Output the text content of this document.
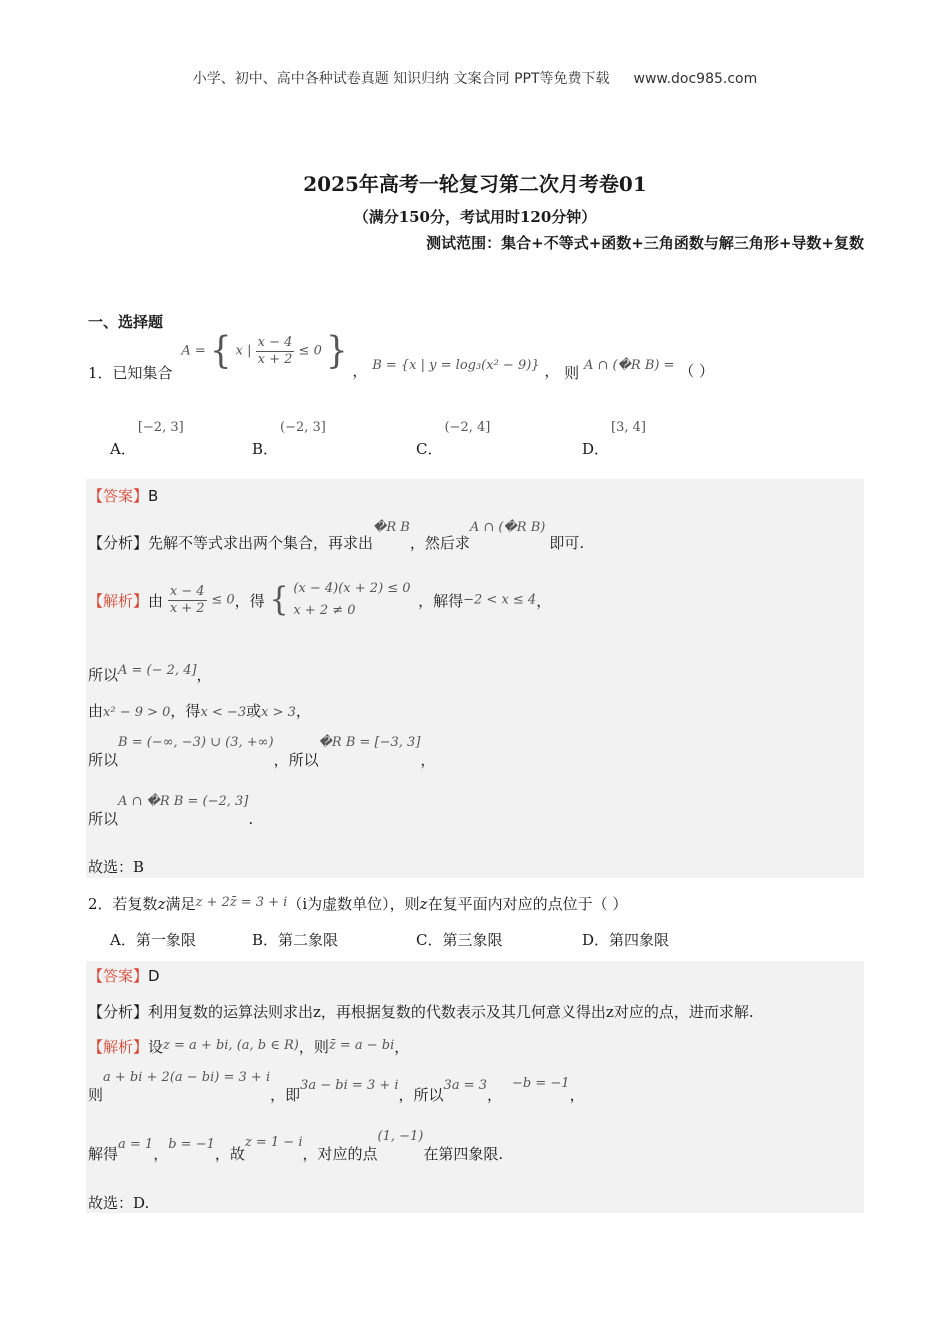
小学、初中、高中各种试卷真题 知识归纳 文案合同 PPT等免费下载 www.doc985.com
2025年高考一轮复习第二次月考卷01
（满分150分，考试用时120分钟）
测试范围：集合+不等式+函数+三角函数与解三角形+导数+复数
一、选择题
1．已知集合 A = { x | $\frac{x - 4}{x + 2} \le 0$ } ， B = {x | y = log₃(x² − 9)} ， 则 A ∩ (�R B) = （ ）
A．[−2, 3]
B．(−2, 3]
C．(−2, 4]
D．[3, 4]
【答案】B
【分析】先解不等式求出两个集合，再求出�R B，然后求A ∩ (�R B)即可.
【解析】由 $\frac{x - 4}{x + 2} \le 0$，得 { (x − 4)(x + 2) ≤ 0
x + 2 ≠ 0
，解得−2 < x ≤ 4，
所以A = (− 2, 4]，
由x² − 9 > 0，得x < −3或x > 3，
所以B = (−∞, −3) ∪ (3, +∞)，所以�R B = [−3, 3]，
所以A ∩ �R B = (−2, 3].
故选：B
2．若复数z满足z + 2z̄ = 3 + i（i为虚数单位），则z在复平面内对应的点位于（ ）
A．第一象限	B．第二象限	C．第三象限	D．第四象限
【答案】D
【分析】利用复数的运算法则求出z，再根据复数的代数表示及其几何意义得出z对应的点，进而求解.
【解析】设z = a + bi, (a, b ∈ R)，则z̄ = a − bi，
则a + bi + 2(a − bi) = 3 + i，即3a − bi = 3 + i，所以3a = 3，−b = −1，
解得a = 1，b = −1，故z = 1 − i，对应的点(1, −1)在第四象限.
故选：D.
